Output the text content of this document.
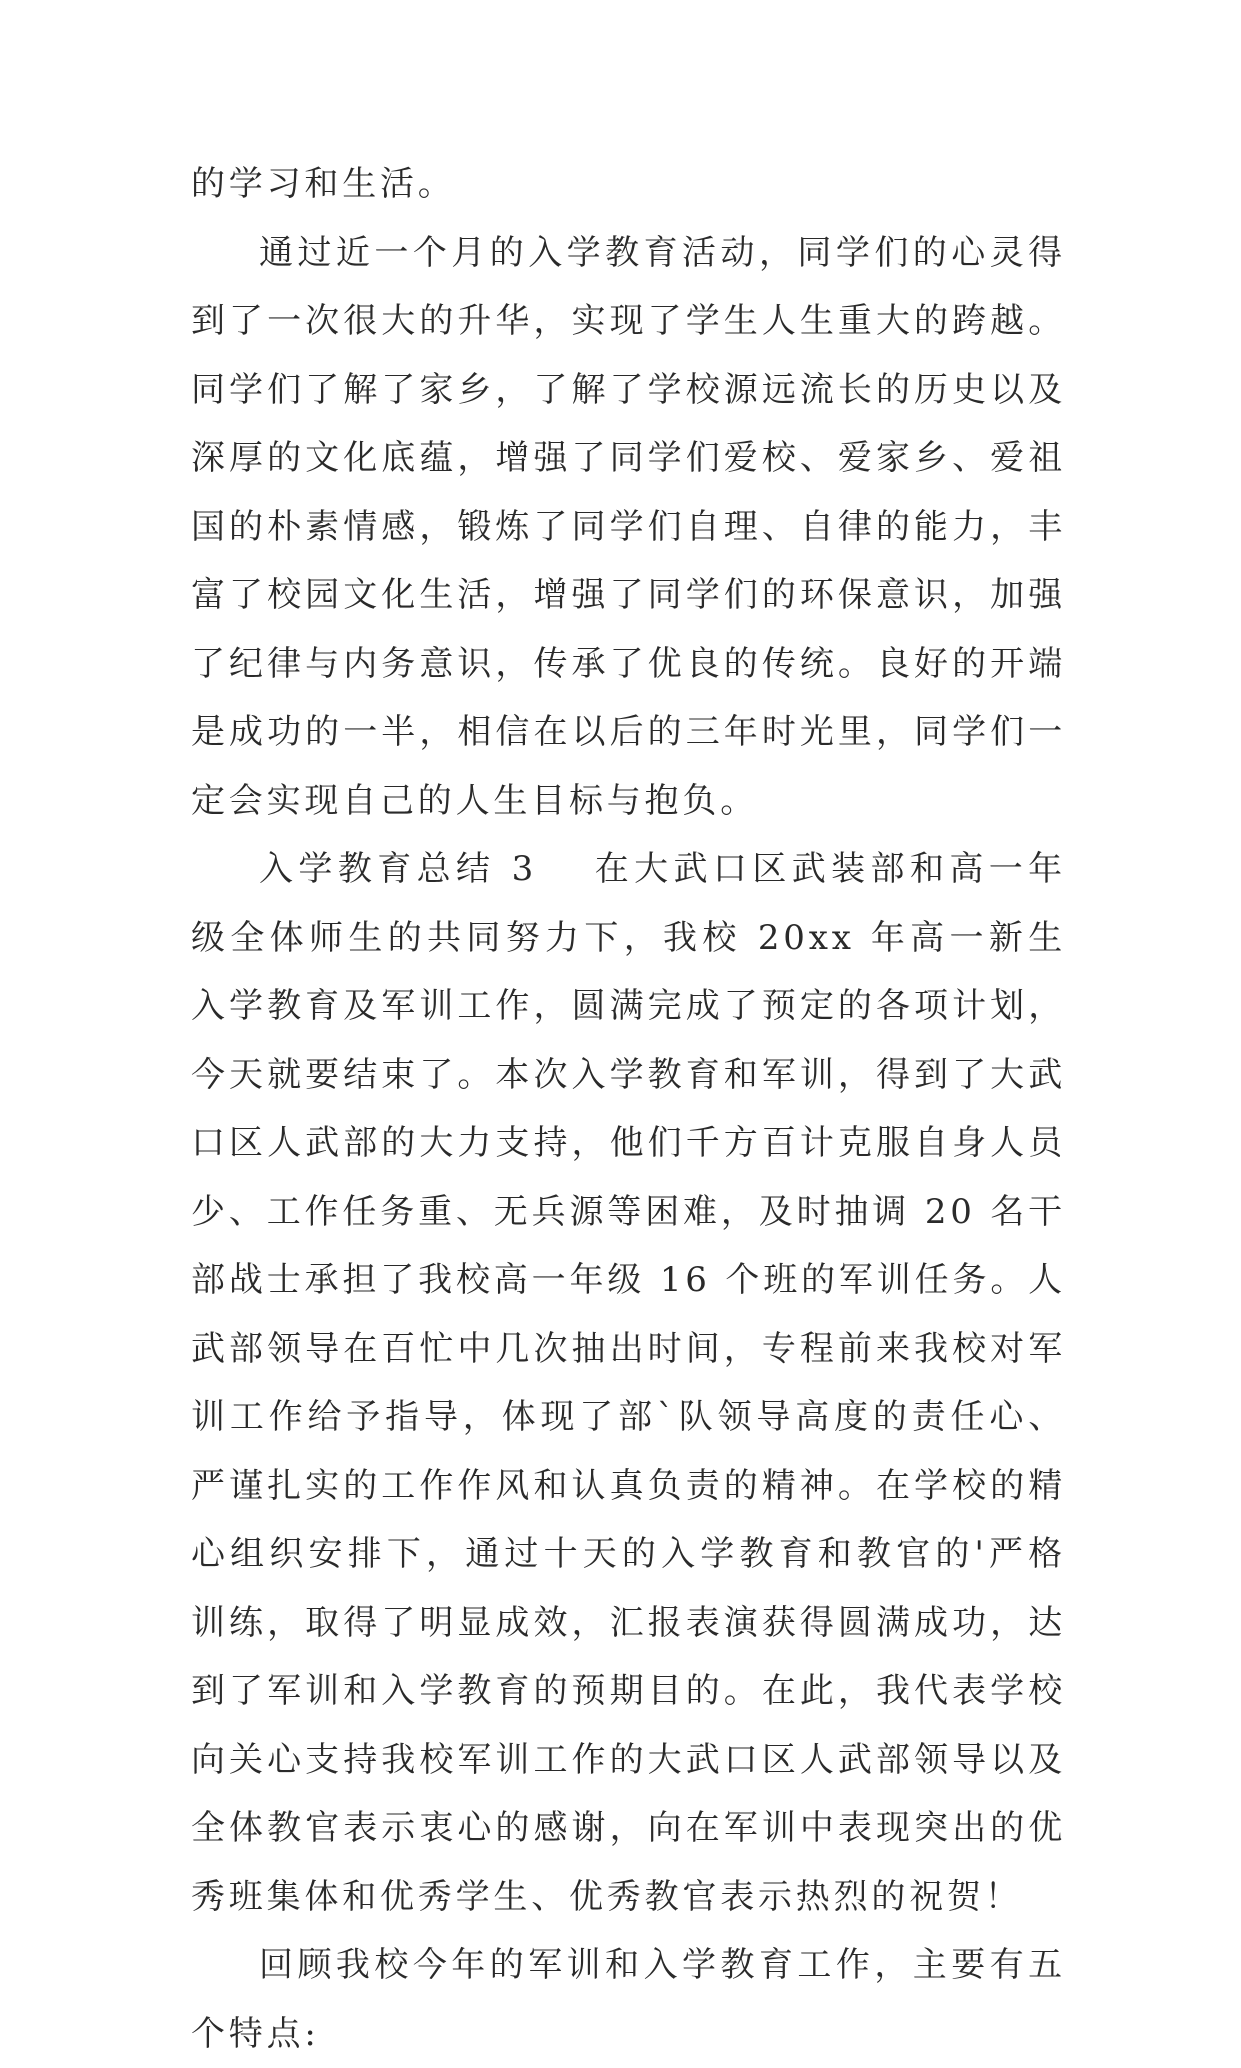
的学习和生活。

通过近一个月的入学教育活动，同学们的心灵得到了一次很大的升华，实现了学生人生重大的跨越。同学们了解了家乡，了解了学校源远流长的历史以及深厚的文化底蕴，增强了同学们爱校、爱家乡、爱祖国的朴素情感，锻炼了同学们自理、自律的能力，丰富了校园文化生活，增强了同学们的环保意识，加强了纪律与内务意识，传承了优良的传统。良好的开端是成功的一半，相信在以后的三年时光里，同学们一定会实现自己的人生目标与抱负。

入学教育总结 3 在大武口区武装部和高一年级全体师生的共同努力下，我校 20xx 年高一新生入学教育及军训工作，圆满完成了预定的各项计划，今天就要结束了。本次入学教育和军训，得到了大武口区人武部的大力支持，他们千方百计克服自身人员少、工作任务重、无兵源等困难，及时抽调 20 名干部战士承担了我校高一年级 16 个班的军训任务。人武部领导在百忙中几次抽出时间，专程前来我校对军训工作给予指导，体现了部`队领导高度的责任心、严谨扎实的工作作风和认真负责的精神。在学校的精心组织安排下，通过十天的入学教育和教官的'严格训练，取得了明显成效，汇报表演获得圆满成功，达到了军训和入学教育的预期目的。在此，我代表学校向关心支持我校军训工作的大武口区人武部领导以及全体教官表示衷心的感谢，向在军训中表现突出的优秀班集体和优秀学生、优秀教官表示热烈的祝贺！

回顾我校今年的军训和入学教育工作，主要有五个特点:
